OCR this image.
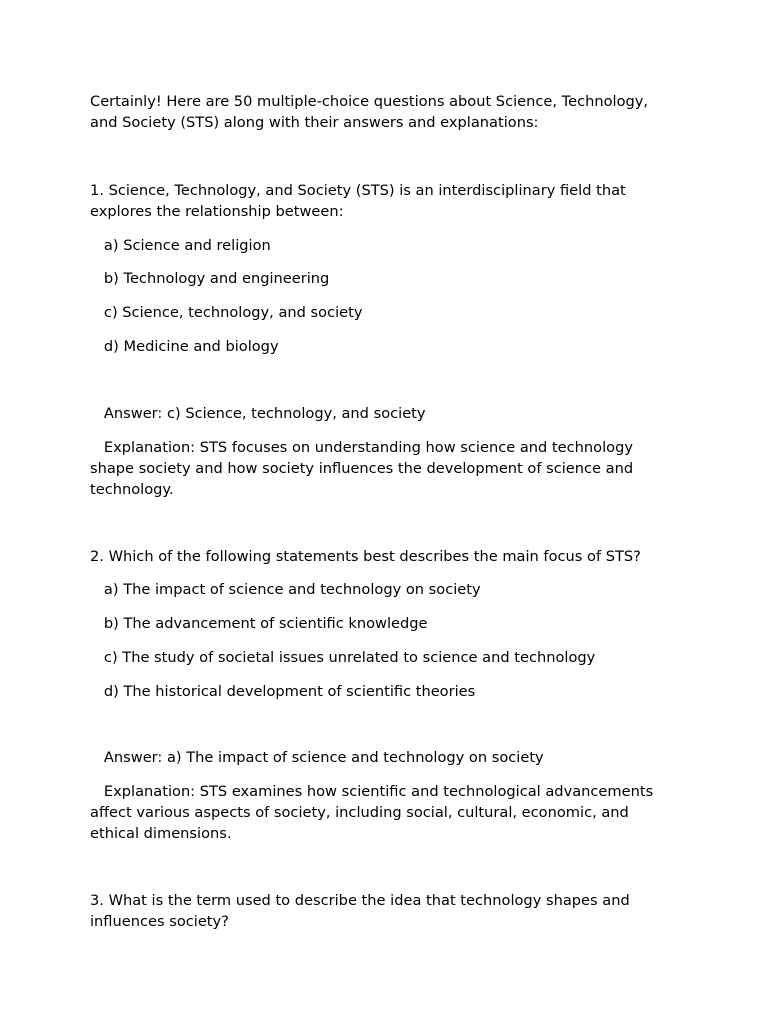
Certainly! Here are 50 multiple-choice questions about Science, Technology, and Society (STS) along with their answers and explanations:

1. Science, Technology, and Society (STS) is an interdisciplinary field that explores the relationship between:

a) Science and religion

b) Technology and engineering

c) Science, technology, and society

d) Medicine and biology

Answer: c) Science, technology, and society

Explanation: STS focuses on understanding how science and technology shape society and how society influences the development of science and technology.

2. Which of the following statements best describes the main focus of STS?

a) The impact of science and technology on society

b) The advancement of scientific knowledge

c) The study of societal issues unrelated to science and technology

d) The historical development of scientific theories

Answer: a) The impact of science and technology on society

Explanation: STS examines how scientific and technological advancements affect various aspects of society, including social, cultural, economic, and ethical dimensions.

3. What is the term used to describe the idea that technology shapes and influences society?
